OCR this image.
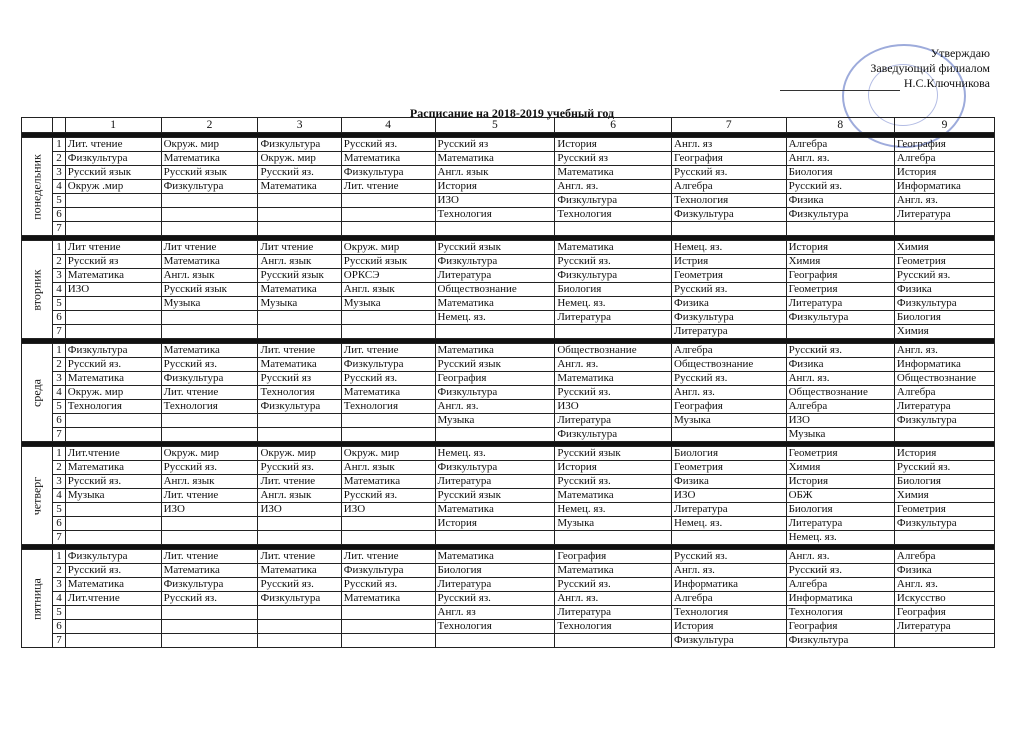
Утверждаю
Заведующий филиалом
Н.С.Ключникова
Расписание на 2018-2019 учебный год
		1	2	3	4	5	6	7	8	9

понедельник	1	Лит. чтение	Окруж. мир	Физкультура	Русский яз.	Русский яз	История	Англ. яз	Алгебра	География
	2	Физкультура	Математика	Окруж. мир	Математика	Математика	Русский яз	География	Англ. яз.	Алгебра
	3	Русский язык	Русский язык	Русский яз.	Физкультура	Англ. язык	Математика	Русский яз.	Биология	История
	4	Окруж .мир	Физкультура	Математика	Лит. чтение	История	Англ. яз.	Алгебра	Русский яз.	Информатика
	5					ИЗО	Физкультура	Технология	Физика	Англ. яз.
	6					Технология	Технология	Физкультура	Физкультура	Литература
	7									

вторник	1	Лит чтение	Лит чтение	Лит чтение	Окруж. мир	Русский язык	Математика	Немец. яз.	История	Химия
	2	Русский яз	Математика	Англ. язык	Русский язык	Физкультура	Русский яз.	Истрия	Химия	Геометрия
	3	Математика	Англ. язык	Русский язык	ОРКСЭ	Литература	Физкультура	Геометрия	География	Русский яз.
	4	ИЗО	Русский язык	Математика	Англ. язык	Обществознание	Биология	Русский яз.	Геометрия	Физика
	5		Музыка	Музыка	Музыка	Математика	Немец. яз.	Физика	Литература	Физкультура
	6					Немец. яз.	Литература	Физкультура	Физкультура	Биология
	7							Литература		Химия

среда	1	Физкультура	Математика	Лит. чтение	Лит. чтение	Математика	Обществознание	Алгебра	Русский яз.	Англ. яз.
	2	Русский яз.	Русский яз.	Математика	Физкультура	Русский язык	Англ. яз.	Обществознание	Физика	Информатика
	3	Математика	Физкультура	Русский яз	Русский яз.	География	Математика	Русский яз.	Англ. яз.	Обществознание
	4	Окруж. мир	Лит. чтение	Технология	Математика	Физкультура	Русский яз.	Англ. яз.	Обществознание	Алгебра
	5	Технология	Технология	Физкультура	Технология	Англ. яз.	ИЗО	География	Алгебра	Литература
	6					Музыка	Литература	Музыка	ИЗО	Физкультура
	7						Физкультура		Музыка	

четверг	1	Лит.чтение	Окруж. мир	Окруж. мир	Окруж. мир	Немец. яз.	Русский язык	Биология	Геометрия	История
	2	Математика	Русский яз.	Русский яз.	Англ. язык	Физкультура	История	Геометрия	Химия	Русский яз.
	3	Русский яз.	Англ. язык	Лит. чтение	Математика	Литература	Русский яз.	Физика	История	Биология
	4	Музыка	Лит. чтение	Англ. язык	Русский яз.	Русский язык	Математика	ИЗО	ОБЖ	Химия
	5		ИЗО	ИЗО	ИЗО	Математика	Немец. яз.	Литература	Биология	Геометрия
	6					История	Музыка	Немец. яз.	Литература	Физкультура
	7								Немец. яз.	

пятница	1	Физкультура	Лит. чтение	Лит. чтение	Лит. чтение	Математика	География	Русский яз.	Англ. яз.	Алгебра
	2	Русский яз.	Математика	Математика	Физкультура	Биология	Математика	Англ. яз.	Русский яз.	Физика
	3	Математика	Физкультура	Русский яз.	Русский яз.	Литература	Русский яз.	Информатика	Алгебра	Англ. яз.
	4	Лит.чтение	Русский яз.	Физкультура	Математика	Русский яз.	Англ. яз.	Алгебра	Информатика	Искусство
	5					Англ. яз	Литература	Технология	Технология	География
	6					Технология	Технология	История	География	Литература
	7							Физкультура	Физкультура	
